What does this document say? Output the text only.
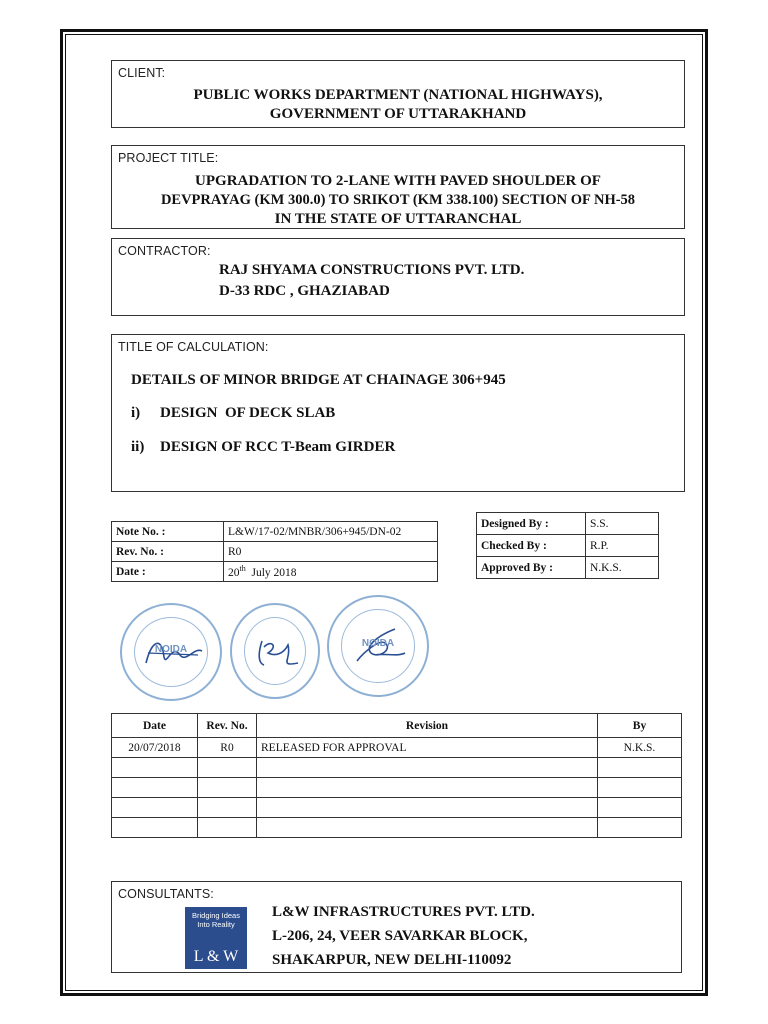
CLIENT:
PUBLIC WORKS DEPARTMENT (NATIONAL HIGHWAYS),
GOVERNMENT OF UTTARAKHAND
PROJECT TITLE:
UPGRADATION TO 2-LANE WITH PAVED SHOULDER OF
DEVPRAYAG (KM 300.0) TO SRIKOT (KM 338.100) SECTION OF NH-58
IN THE STATE OF UTTARANCHAL
CONTRACTOR:
RAJ SHYAMA CONSTRUCTIONS PVT. LTD.
D-33 RDC , GHAZIABAD
TITLE OF CALCULATION:
DETAILS OF MINOR BRIDGE AT CHAINAGE 306+945
i) DESIGN  OF DECK SLAB
ii) DESIGN OF RCC T-Beam GIRDER
Note No. :	L&W/17-02/MNBR/306+945/DN-02
Rev. No. :	R0
Date :	20th July 2018
Designed By :	S.S.
Checked By :	R.P.
Approved By :	N.K.S.
NOIDA
NOIDA
Date	Rev. No.	Revision	By
20/07/2018	R0	RELEASED FOR APPROVAL	N.K.S.

CONSULTANTS:
L&W INFRASTRUCTURES PVT. LTD.
L-206, 24, VEER SAVARKAR BLOCK,
SHAKARPUR, NEW DELHI-110092
Bridging Ideas Into Reality
L & W
